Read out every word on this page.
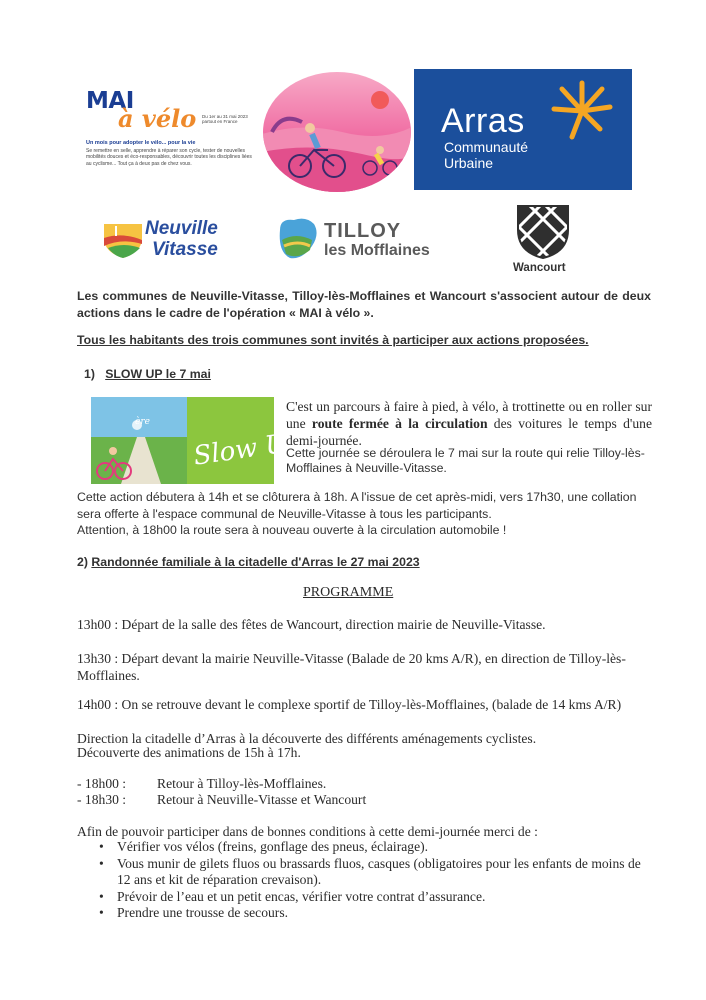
MAI
à vélo Du 1er au 31 mai 2023 partout en France
Un mois pour adopter le vélo... pour la vie
Se remettre en selle, apprendre à réparer son cycle, tester de nouvelles mobilités douces et éco-responsables, découvrir toutes les disciplines liées au cyclisme... Tout ça à deux pas de chez vous.
Arras
Communauté
Urbaine
Neuville
Vitasse
TILLOY
les Mofflaines
Wancourt
Les communes de Neuville-Vitasse, Tilloy-lès-Mofflaines et Wancourt s'associent autour de deux actions dans le cadre de l'opération « MAI à vélo ».
Tous les habitants des trois communes sont invités à participer aux actions proposées.
1) SLOW UP le 7 mai
ère
Slow UP
C'est un parcours à faire à pied, à vélo, à trottinette ou en roller sur une route fermée à la circulation des voitures le temps d'une demi-journée.
Cette journée se déroulera le 7 mai sur la route qui relie Tilloy-lès-Mofflaines à Neuville-Vitasse.
Cette action débutera à 14h et se clôturera à 18h. A l'issue de cet après-midi, vers 17h30, une collation sera offerte à l'espace communal de Neuville-Vitasse à tous les participants.
Attention, à 18h00 la route sera à nouveau ouverte à la circulation automobile !
2) Randonnée familiale à la citadelle d'Arras le 27 mai 2023
PROGRAMME
13h00 : Départ de la salle des fêtes de Wancourt, direction mairie de Neuville-Vitasse.
13h30 : Départ devant la mairie Neuville-Vitasse (Balade de 20 kms A/R), en direction de Tilloy-lès-Mofflaines.
14h00 : On se retrouve devant le complexe sportif de Tilloy-lès-Mofflaines, (balade de 14 kms A/R)
Direction la citadelle d’Arras à la découverte des différents aménagements cyclistes.
Découverte des animations de 15h à 17h.
- 18h00 : Retour à Tilloy-lès-Mofflaines.
- 18h30 : Retour à Neuville-Vitasse et Wancourt
Afin de pouvoir participer dans de bonnes conditions à cette demi-journée merci de :
• Vérifier vos vélos (freins, gonflage des pneus, éclairage).
• Vous munir de gilets fluos ou brassards fluos, casques (obligatoires pour les enfants de moins de 12 ans et kit de réparation crevaison).
• Prévoir de l’eau et un petit encas, vérifier votre contrat d’assurance.
• Prendre une trousse de secours.
